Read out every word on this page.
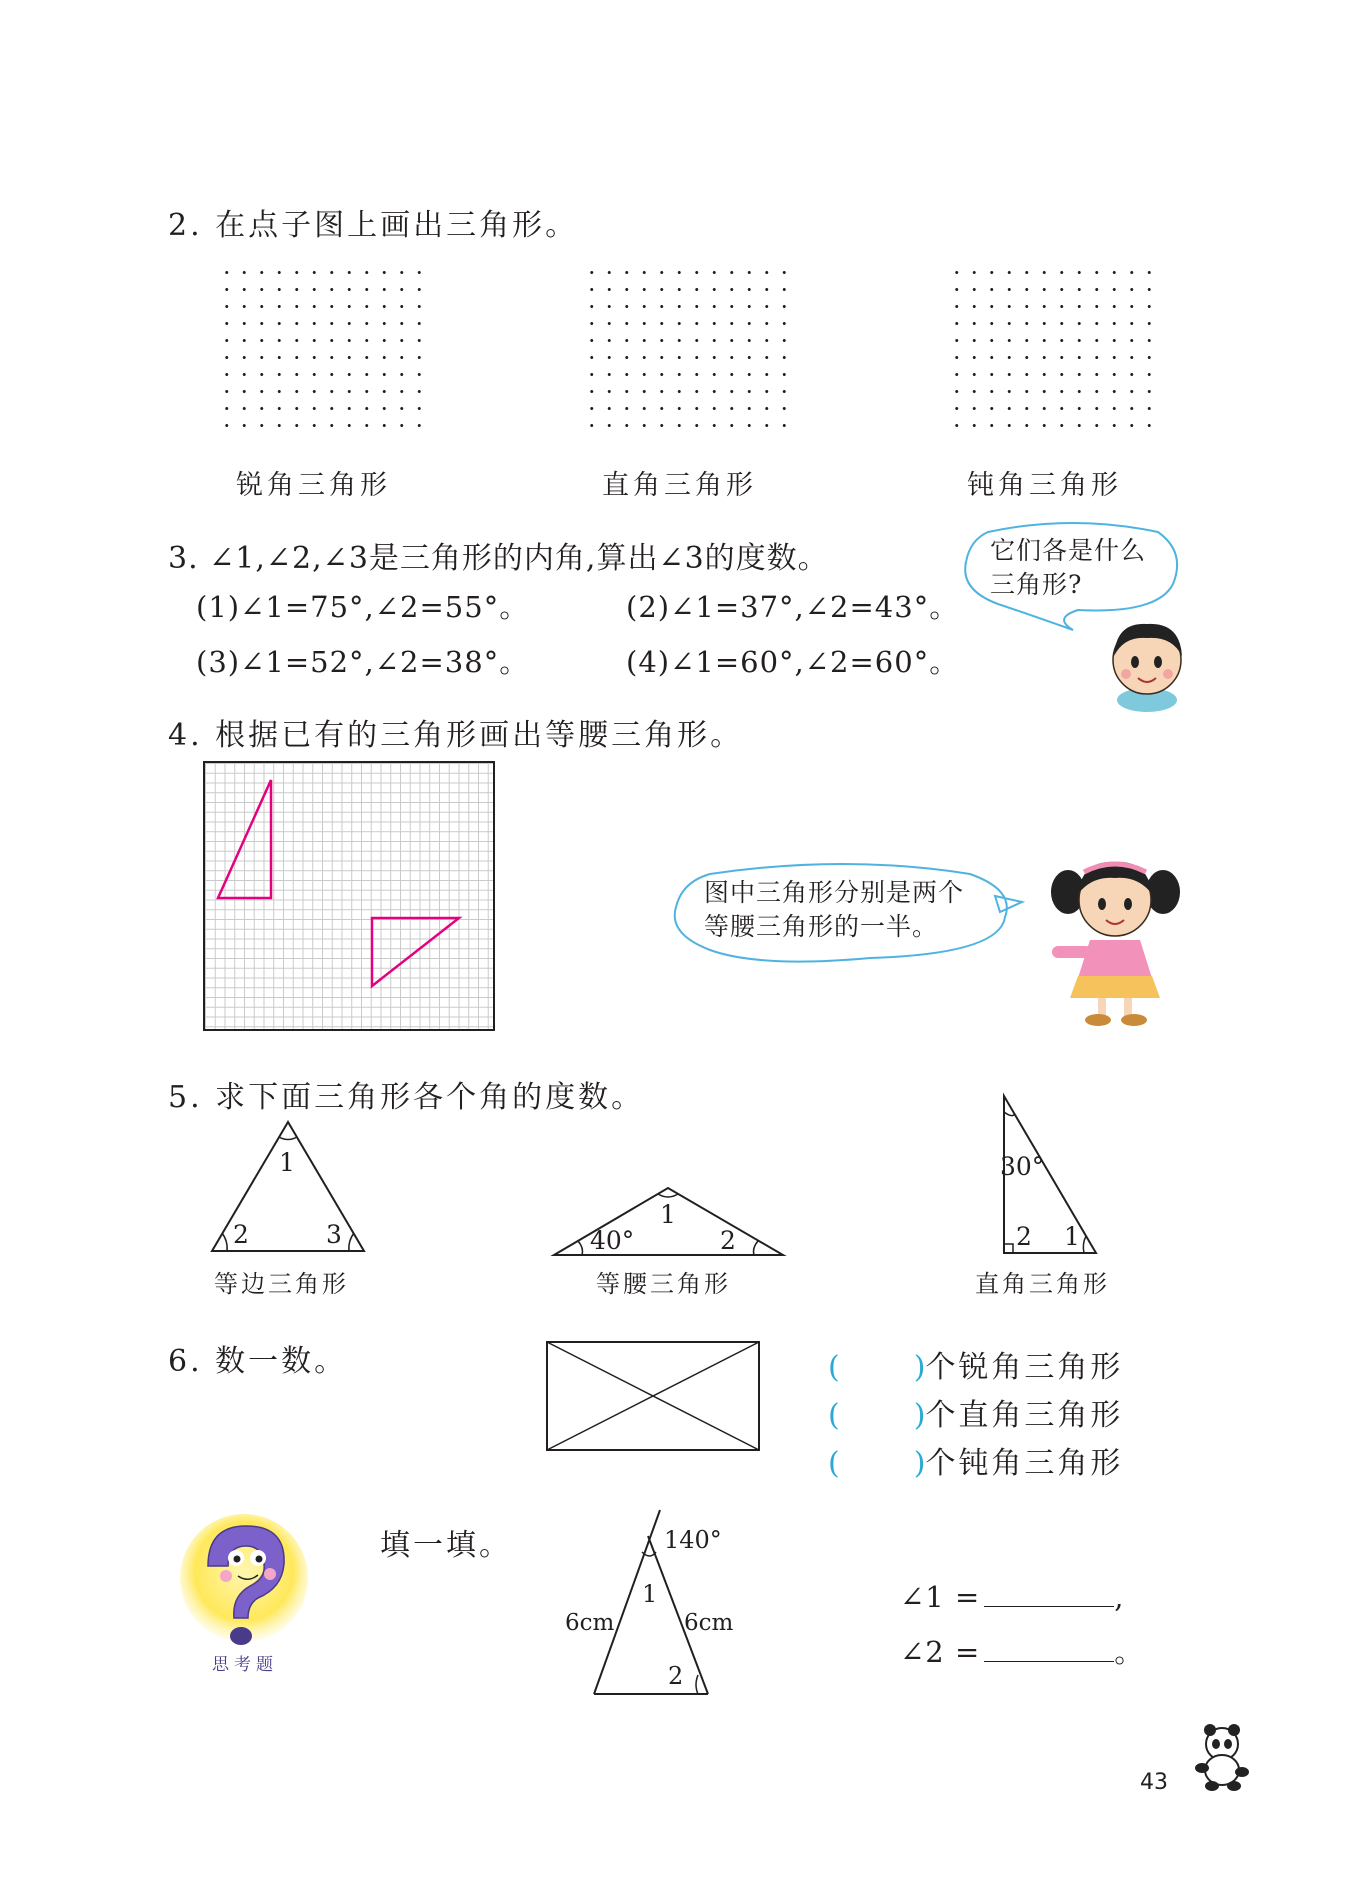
2. 在点子图上画出三角形。
锐角三角形	直角三角形	钝角三角形
3. ∠1,∠2,∠3是三角形的内角,算出∠3的度数。
(1)∠1=75°,∠2=55°。	(2)∠1=37°,∠2=43°。
(3)∠1=52°,∠2=38°。	(4)∠1=60°,∠2=60°。
它们各是什么
三角形?
4. 根据已有的三角形画出等腰三角形。
图中三角形分别是两个
等腰三角形的一半。
5. 求下面三角形各个角的度数。
1
2	3
等边三角形
1
40°	2
等腰三角形
30°
2 1
直角三角形
6. 数一数。	( )个锐角三角形
( )个直角三角形
( )个钝角三角形
思考题
填一填。	140°
1
6cm	6cm
2
∠1 =	,
∠2 =	。
43
